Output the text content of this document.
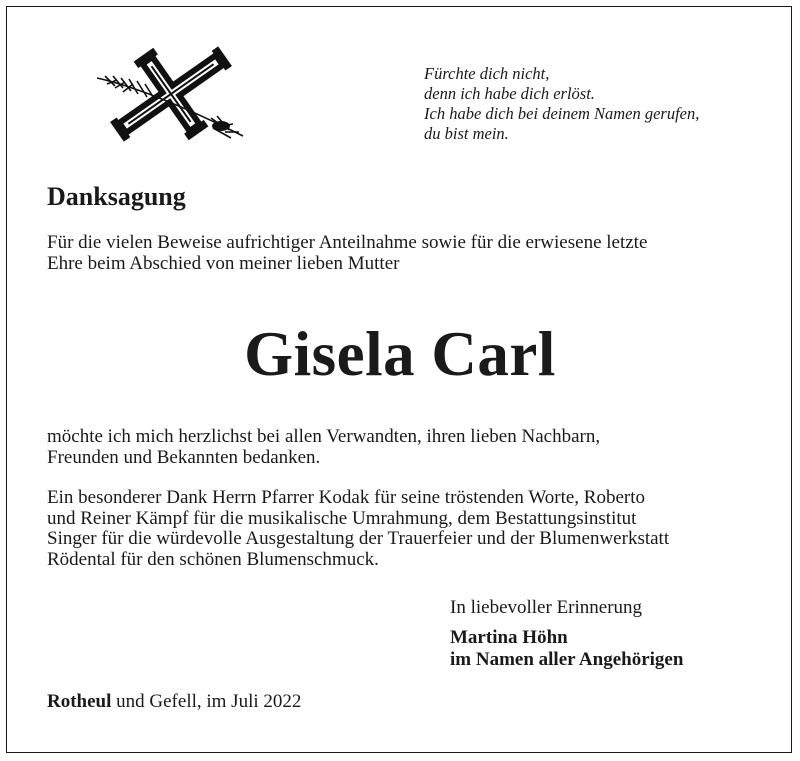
Fürchte dich nicht,
denn ich habe dich erlöst.
Ich habe dich bei deinem Namen gerufen,
du bist mein.
Danksagung
Für die vielen Beweise aufrichtiger Anteilnahme sowie für die erwiesene letzte
Ehre beim Abschied von meiner lieben Mutter
Gisela Carl
möchte ich mich herzlichst bei allen Verwandten, ihren lieben Nachbarn,
Freunden und Bekannten bedanken.
Ein besonderer Dank Herrn Pfarrer Kodak für seine tröstenden Worte, Roberto
und Reiner Kämpf für die musikalische Umrahmung, dem Bestattungsinstitut
Singer für die würdevolle Ausgestaltung der Trauerfeier und der Blumenwerkstatt
Rödental für den schönen Blumenschmuck.
In liebevoller Erinnerung
Martina Höhn
im Namen aller Angehörigen
Rotheul und Gefell, im Juli 2022
